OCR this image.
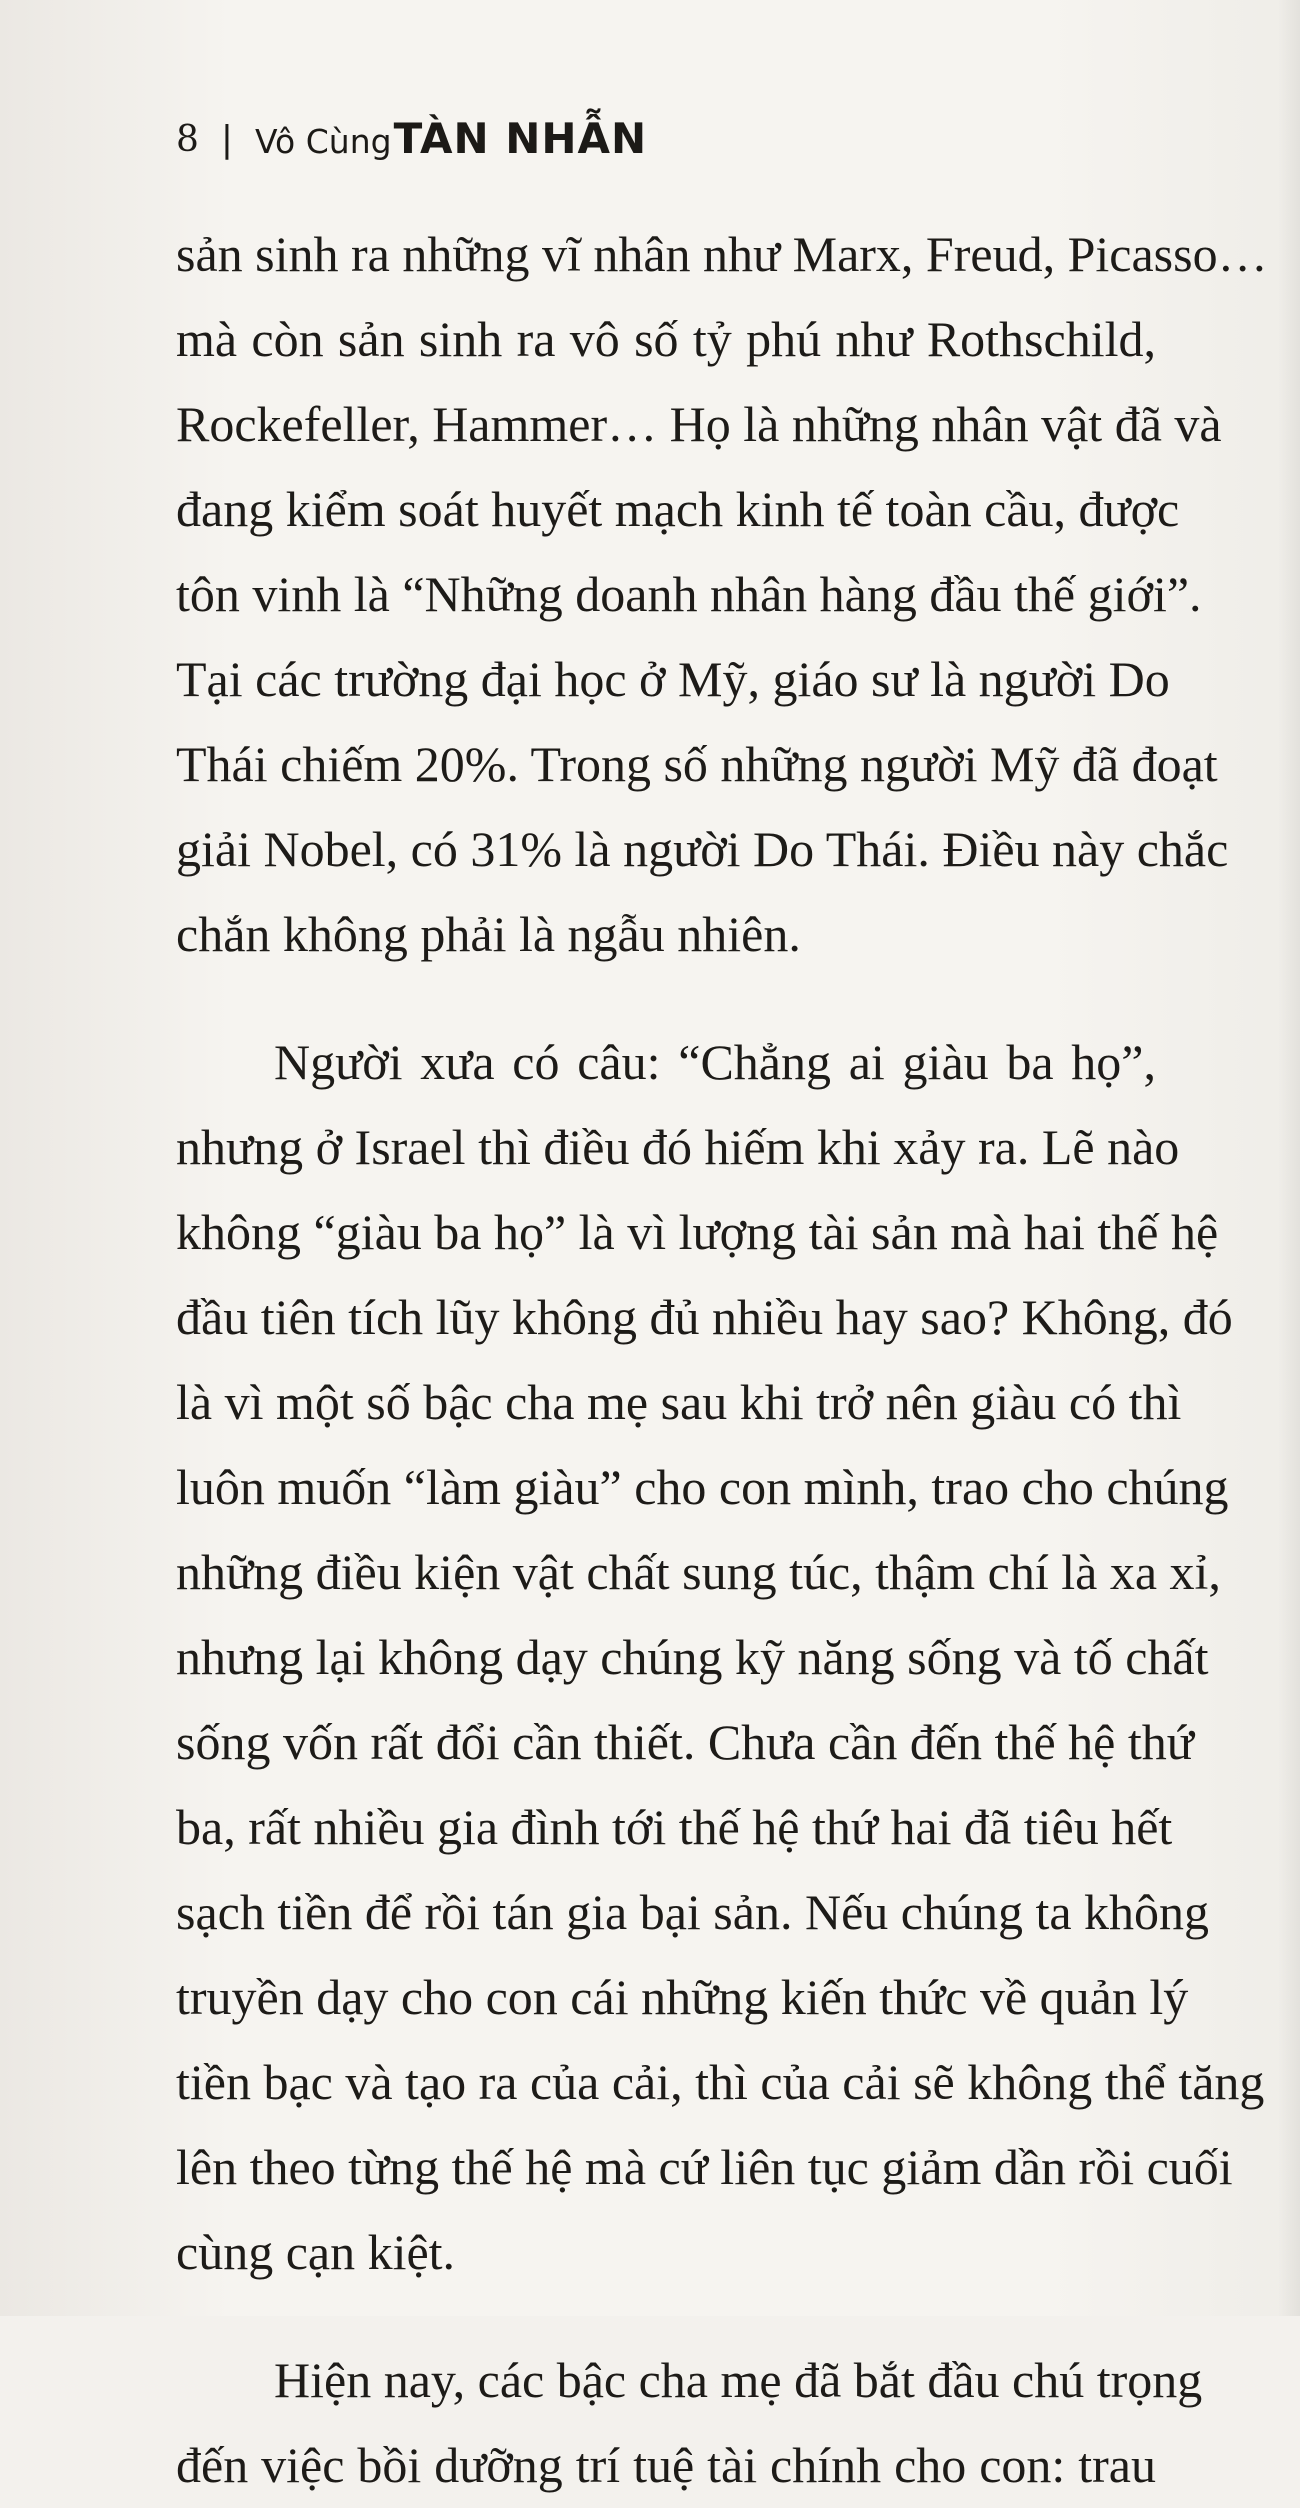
8 | Vô Cùng TÀN NHẪN
sản sinh ra những vĩ nhân như Marx, Freud, Picasso…
mà còn sản sinh ra vô số tỷ phú như Rothschild,
Rockefeller, Hammer… Họ là những nhân vật đã và
đang kiểm soát huyết mạch kinh tế toàn cầu, được
tôn vinh là “Những doanh nhân hàng đầu thế giới”.
Tại các trường đại học ở Mỹ, giáo sư là người Do
Thái chiếm 20%. Trong số những người Mỹ đã đoạt
giải Nobel, có 31% là người Do Thái. Điều này chắc
chắn không phải là ngẫu nhiên.
Người xưa có câu: “Chẳng ai giàu ba họ”,
nhưng ở Israel thì điều đó hiếm khi xảy ra. Lẽ nào
không “giàu ba họ” là vì lượng tài sản mà hai thế hệ
đầu tiên tích lũy không đủ nhiều hay sao? Không, đó
là vì một số bậc cha mẹ sau khi trở nên giàu có thì
luôn muốn “làm giàu” cho con mình, trao cho chúng
những điều kiện vật chất sung túc, thậm chí là xa xỉ,
nhưng lại không dạy chúng kỹ năng sống và tố chất
sống vốn rất đổi cần thiết. Chưa cần đến thế hệ thứ
ba, rất nhiều gia đình tới thế hệ thứ hai đã tiêu hết
sạch tiền để rồi tán gia bại sản. Nếu chúng ta không
truyền dạy cho con cái những kiến thức về quản lý
tiền bạc và tạo ra của cải, thì của cải sẽ không thể tăng
lên theo từng thế hệ mà cứ liên tục giảm dần rồi cuối
cùng cạn kiệt.
Hiện nay, các bậc cha mẹ đã bắt đầu chú trọng
đến việc bồi dưỡng trí tuệ tài chính cho con: trau
